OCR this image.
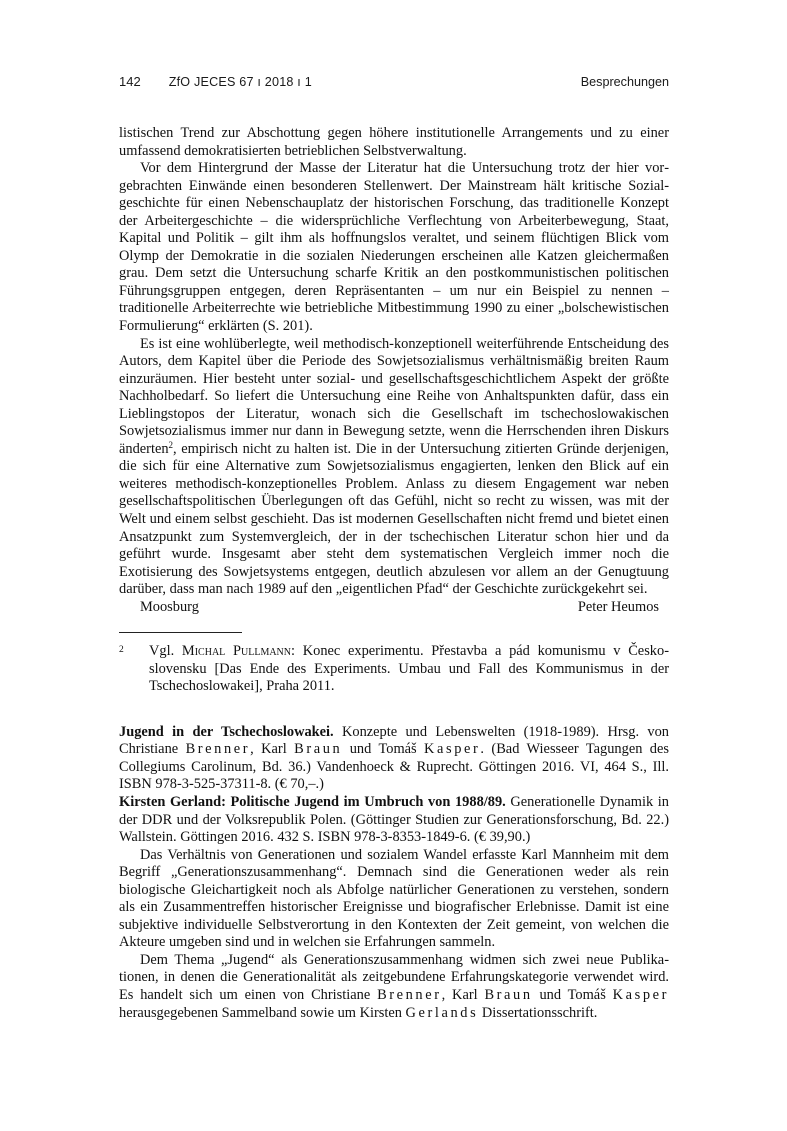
142 ZfO JECES 67 ı 2018 ı 1	Besprechungen

listischen Trend zur Abschottung gegen höhere institutionelle Arrangements und zu einer umfassend demokratisierten betrieblichen Selbstverwaltung.

Vor dem Hintergrund der Masse der Literatur hat die Untersuchung trotz der hier vorgebrachten Einwände einen besonderen Stellenwert. Der Mainstream hält kritische Sozialgeschichte für einen Nebenschauplatz der historischen Forschung, das traditionelle Konzept der Arbeitergeschichte – die widersprüchliche Verflechtung von Arbeiterbewegung, Staat, Kapital und Politik – gilt ihm als hoffnungslos veraltet, und seinem flüchtigen Blick vom Olymp der Demokratie in die sozialen Niederungen erscheinen alle Katzen gleichermaßen grau. Dem setzt die Untersuchung scharfe Kritik an den postkommunistischen politischen Führungsgruppen entgegen, deren Repräsentanten – um nur ein Beispiel zu nennen – traditionelle Arbeiterrechte wie betriebliche Mitbestimmung 1990 zu einer „bolschewistischen Formulierung“ erklärten (S. 201).

Es ist eine wohlüberlegte, weil methodisch-konzeptionell weiterführende Entscheidung des Autors, dem Kapitel über die Periode des Sowjetsozialismus verhältnismäßig breiten Raum einzuräumen. Hier besteht unter sozial- und gesellschaftsgeschichtlichem Aspekt der größte Nachholbedarf. So liefert die Untersuchung eine Reihe von Anhaltspunkten dafür, dass ein Lieblingstopos der Literatur, wonach sich die Gesellschaft im tschechoslowakischen Sowjetsozialismus immer nur dann in Bewegung setzte, wenn die Herrschenden ihren Diskurs änderten$^2$, empirisch nicht zu halten ist. Die in der Untersuchung zitierten Gründe derjenigen, die sich für eine Alternative zum Sowjetsozialismus engagierten, lenken den Blick auf ein weiteres methodisch-konzeptionelles Problem. Anlass zu diesem Engagement war neben gesellschaftspolitischen Überlegungen oft das Gefühl, nicht so recht zu wissen, was mit der Welt und einem selbst geschieht. Das ist modernen Gesellschaften nicht fremd und bietet einen Ansatzpunkt zum Systemvergleich, der in der tschechischen Literatur schon hier und da geführt wurde. Insgesamt aber steht dem systematischen Vergleich immer noch die Exotisierung des Sowjetsystems entgegen, deutlich abzulesen vor allem an der Genugtuung darüber, dass man nach 1989 auf den „eigentlichen Pfad“ der Geschichte zurückgekehrt sei.

Moosburg	Peter Heumos
2	Vgl. Michal Pullmann: Konec experimentu. Přestavba a pád komunismu v Československu [Das Ende des Experiments. Umbau und Fall des Kommunismus in der Tschechoslowakei], Praha 2011.

Jugend in der Tschechoslowakei. Konzepte und Lebenswelten (1918-1989). Hrsg. von Christiane Brenner, Karl Braun und Tomáš Kasper. (Bad Wiesseer Tagungen des Collegiums Carolinum, Bd. 36.) Vandenhoeck & Ruprecht. Göttingen 2016. VI, 464 S., Ill. ISBN 978-3-525-37311-8. (€ 70,–.)

Kirsten Gerland: Politische Jugend im Umbruch von 1988/89. Generationelle Dynamik in der DDR und der Volksrepublik Polen. (Göttinger Studien zur Generationsforschung, Bd. 22.) Wallstein. Göttingen 2016. 432 S. ISBN 978-3-8353-1849-6. (€ 39,90.)

Das Verhältnis von Generationen und sozialem Wandel erfasste Karl Mannheim mit dem Begriff „Generationszusammenhang“. Demnach sind die Generationen weder als rein biologische Gleichartigkeit noch als Abfolge natürlicher Generationen zu verstehen, sondern als ein Zusammentreffen historischer Ereignisse und biografischer Erlebnisse. Damit ist eine subjektive individuelle Selbstverortung in den Kontexten der Zeit gemeint, von welchen die Akteure umgeben sind und in welchen sie Erfahrungen sammeln.

Dem Thema „Jugend“ als Generationszusammenhang widmen sich zwei neue Publikationen, in denen die Generationalität als zeitgebundene Erfahrungskategorie verwendet wird. Es handelt sich um einen von Christiane Brenner, Karl Braun und Tomáš Kasper herausgegebenen Sammelband sowie um Kirsten Gerlands Dissertationsschrift.
